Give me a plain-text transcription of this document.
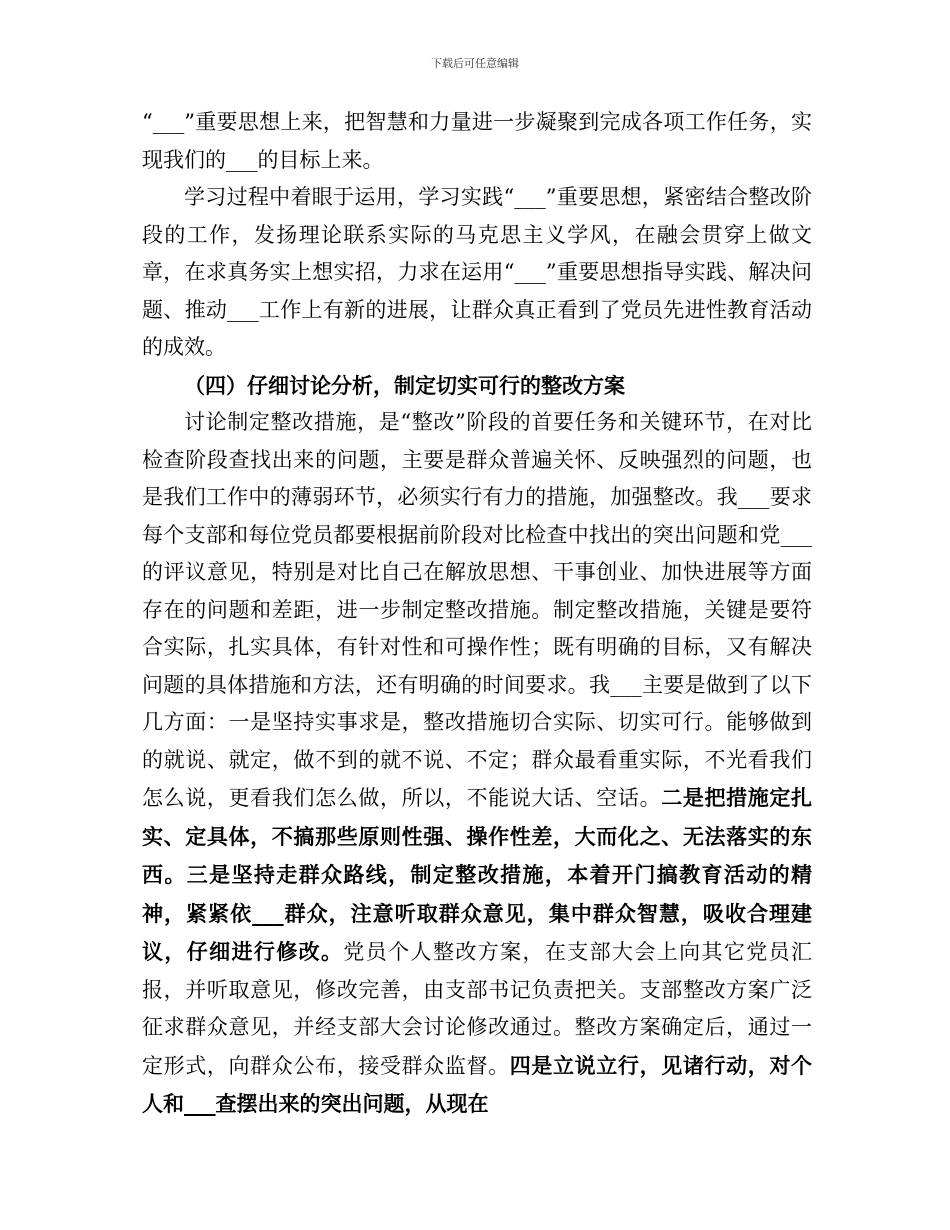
下载后可任意编辑

“___”重要思想上来，把智慧和力量进一步凝聚到完成各项工作任务，实现我们的___的目标上来。

学习过程中着眼于运用，学习实践“___”重要思想，紧密结合整改阶段的工作，发扬理论联系实际的马克思主义学风，在融会贯穿上做文章，在求真务实上想实招，力求在运用“___”重要思想指导实践、解决问题、推动___工作上有新的进展，让群众真正看到了党员先进性教育活动的成效。

（四）仔细讨论分析，制定切实可行的整改方案

讨论制定整改措施，是“整改”阶段的首要任务和关键环节，在对比检查阶段查找出来的问题，主要是群众普遍关怀、反映强烈的问题，也是我们工作中的薄弱环节，必须实行有力的措施，加强整改。我___要求每个支部和每位党员都要根据前阶段对比检查中找出的突出问题和党___的评议意见，特别是对比自己在解放思想、干事创业、加快进展等方面存在的问题和差距，进一步制定整改措施。制定整改措施，关键是要符合实际，扎实具体，有针对性和可操作性；既有明确的目标，又有解决问题的具体措施和方法，还有明确的时间要求。我___主要是做到了以下几方面：一是坚持实事求是，整改措施切合实际、切实可行。能够做到的就说、就定，做不到的就不说、不定；群众最看重实际，不光看我们怎么说，更看我们怎么做，所以，不能说大话、空话。二是把措施定扎实、定具体，不搞那些原则性强、操作性差，大而化之、无法落实的东西。三是坚持走群众路线，制定整改措施，本着开门搞教育活动的精神，紧紧依___群众，注意听取群众意见，集中群众智慧，吸收合理建议，仔细进行修改。党员个人整改方案，在支部大会上向其它党员汇报，并听取意见，修改完善，由支部书记负责把关。支部整改方案广泛征求群众意见，并经支部大会讨论修改通过。整改方案确定后，通过一定形式，向群众公布，接受群众监督。四是立说立行，见诸行动，对个人和___查摆出来的突出问题，从现在
